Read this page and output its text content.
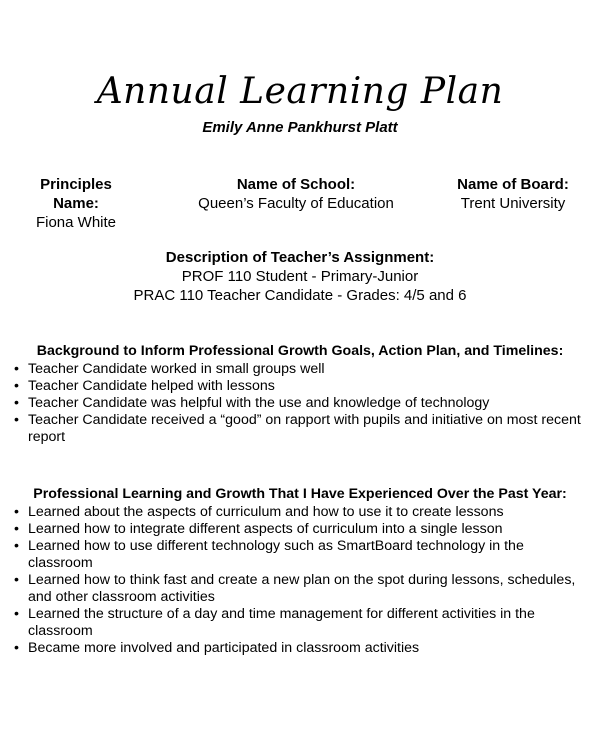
Annual Learning Plan
Emily Anne Pankhurst Platt
Principles Name:
Fiona White
Name of School:
Queen’s Faculty of Education
Name of Board:
Trent University
Description of Teacher’s Assignment:
PROF 110 Student - Primary-Junior
PRAC 110 Teacher Candidate - Grades: 4/5 and 6
Background to Inform Professional Growth Goals, Action Plan, and Timelines:
• Teacher Candidate worked in small groups well
• Teacher Candidate helped with lessons
• Teacher Candidate was helpful with the use and knowledge of technology
• Teacher Candidate received a “good” on rapport with pupils and initiative on most recent report
Professional Learning and Growth That I Have Experienced Over the Past Year:
• Learned about the aspects of curriculum and how to use it to create lessons
• Learned how to integrate different aspects of curriculum into a single lesson
• Learned how to use different technology such as SmartBoard technology in the classroom
• Learned how to think fast and create a new plan on the spot during lessons, schedules, and other classroom activities
• Learned the structure of a day and time management for different activities in the classroom
• Became more involved and participated in classroom activities
